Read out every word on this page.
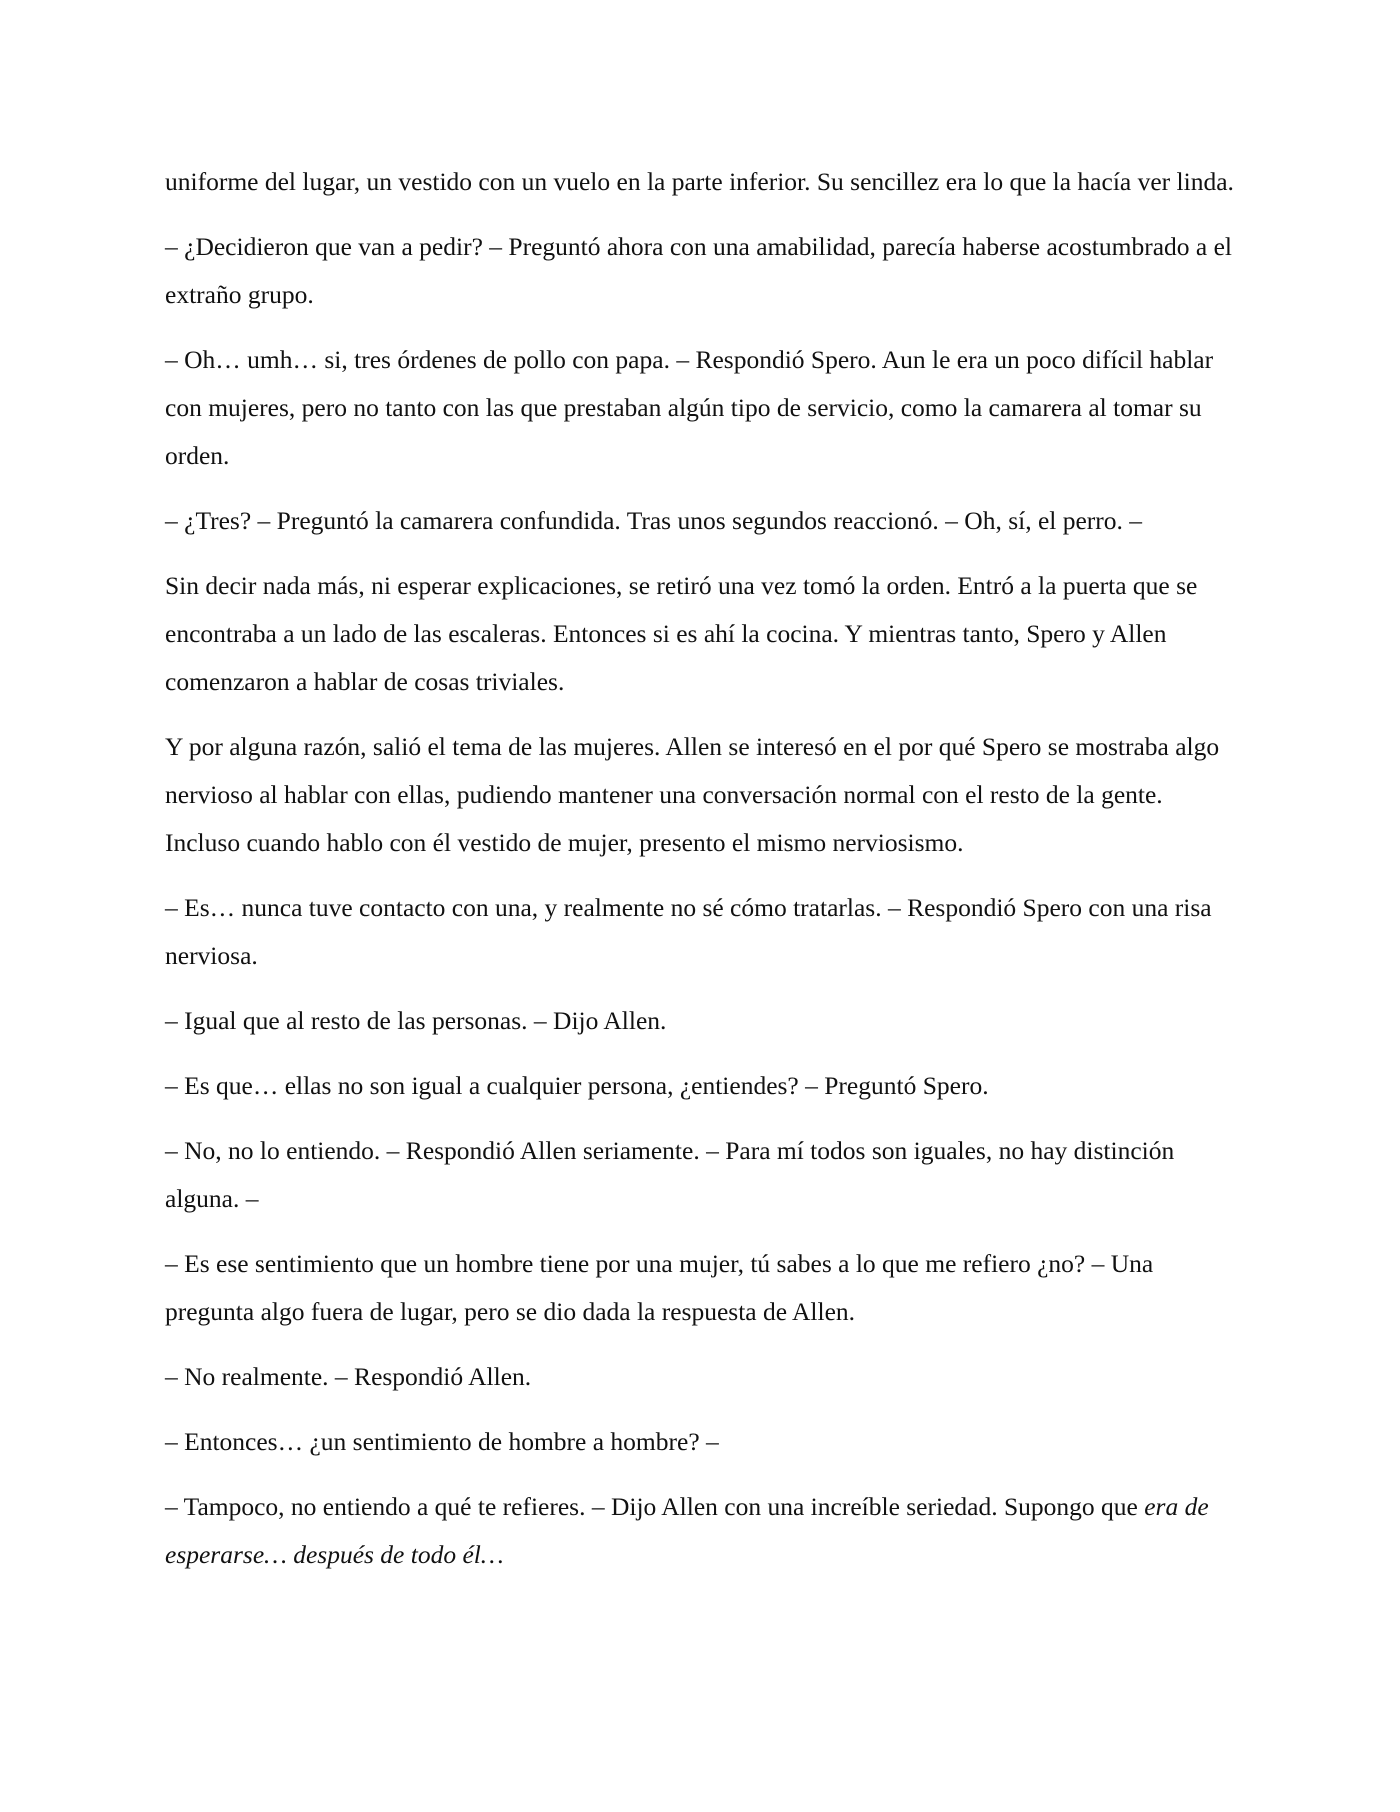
uniforme del lugar, un vestido con un vuelo en la parte inferior. Su sencillez era lo que la hacía ver linda.

– ¿Decidieron que van a pedir? – Preguntó ahora con una amabilidad, parecía haberse acostumbrado a el extraño grupo.

– Oh… umh… si, tres órdenes de pollo con papa. – Respondió Spero. Aun le era un poco difícil hablar con mujeres, pero no tanto con las que prestaban algún tipo de servicio, como la camarera al tomar su orden.

– ¿Tres? – Preguntó la camarera confundida. Tras unos segundos reaccionó. – Oh, sí, el perro. –

Sin decir nada más, ni esperar explicaciones, se retiró una vez tomó la orden. Entró a la puerta que se encontraba a un lado de las escaleras. Entonces si es ahí la cocina. Y mientras tanto, Spero y Allen comenzaron a hablar de cosas triviales.

Y por alguna razón, salió el tema de las mujeres. Allen se interesó en el por qué Spero se mostraba algo nervioso al hablar con ellas, pudiendo mantener una conversación normal con el resto de la gente. Incluso cuando hablo con él vestido de mujer, presento el mismo nerviosismo.

– Es… nunca tuve contacto con una, y realmente no sé cómo tratarlas. – Respondió Spero con una risa nerviosa.

– Igual que al resto de las personas. – Dijo Allen.

– Es que… ellas no son igual a cualquier persona, ¿entiendes? – Preguntó Spero.

– No, no lo entiendo. – Respondió Allen seriamente. – Para mí todos son iguales, no hay distinción alguna. –

– Es ese sentimiento que un hombre tiene por una mujer, tú sabes a lo que me refiero ¿no? – Una pregunta algo fuera de lugar, pero se dio dada la respuesta de Allen.

– No realmente. – Respondió Allen.

– Entonces… ¿un sentimiento de hombre a hombre? –

– Tampoco, no entiendo a qué te refieres. – Dijo Allen con una increíble seriedad. Supongo que era de esperarse… después de todo él…
